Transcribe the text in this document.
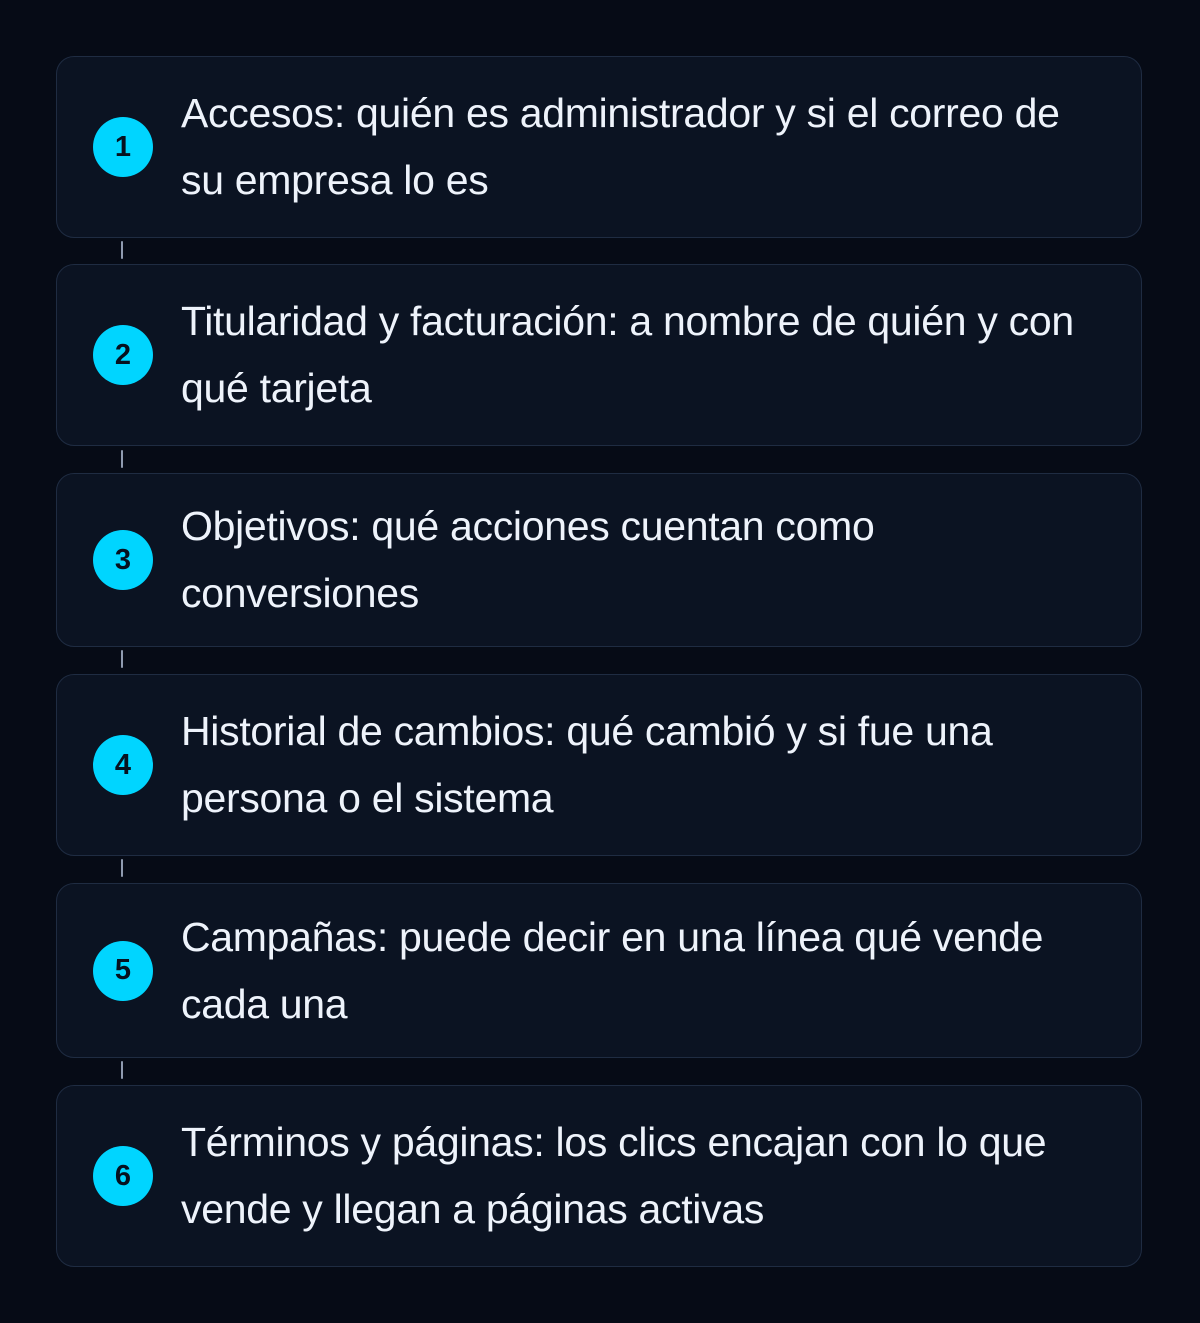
1
Accesos: quién es administrador y si el correo de su empresa lo es
2
Titularidad y facturación: a nombre de quién y con qué tarjeta
3
Objetivos: qué acciones cuentan como conversiones
4
Historial de cambios: qué cambió y si fue una persona o el sistema
5
Campañas: puede decir en una línea qué vende cada una
6
Términos y páginas: los clics encajan con lo que vende y llegan a páginas activas
